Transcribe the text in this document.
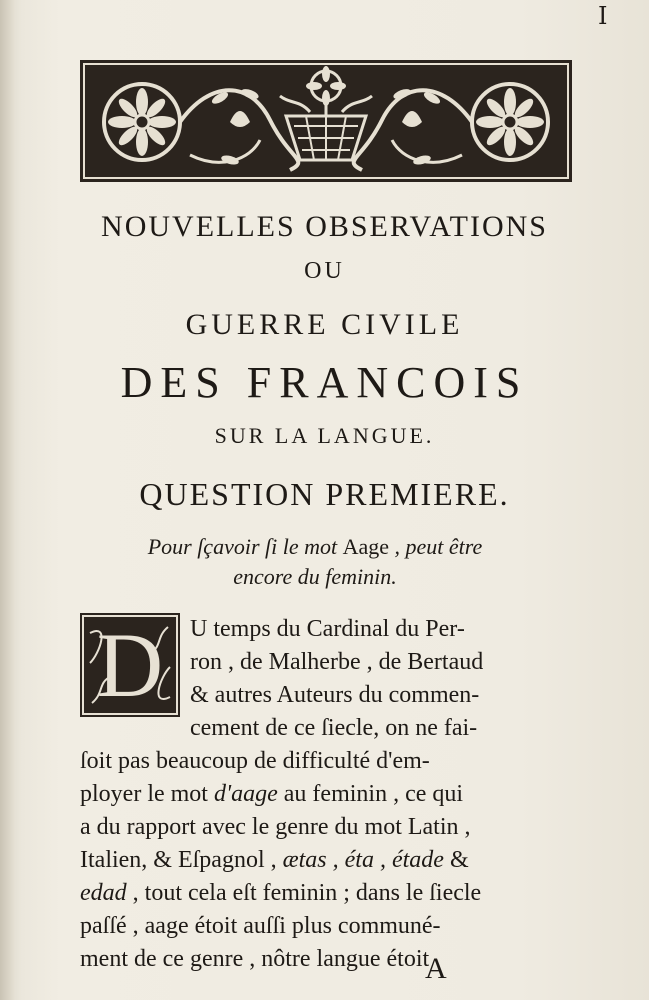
I
NOUVELLES OBSERVATIONS
OU
GUERRE CIVILE
DES FRANCOIS
SUR LA LANGUE.
QUESTION PREMIERE.
Pour ſçavoir ſi le mot Aage , peut être
encore du feminin.
D	U temps du Cardinal du Per-
ron , de Malherbe , de Bertaud
& autres Auteurs du commen-
cement de ce ſiecle, on ne fai-
ſoit pas beaucoup de difficulté d'em-
ployer le mot d'aage au feminin , ce qui
a du rapport avec le genre du mot Latin ,
Italien, & Eſpagnol , ætas , éta , étade &
edad , tout cela eſt feminin ; dans le ſiecle
paſſé , aage étoit auſſi plus communé-
ment de ce genre , nôtre langue étoit
A
